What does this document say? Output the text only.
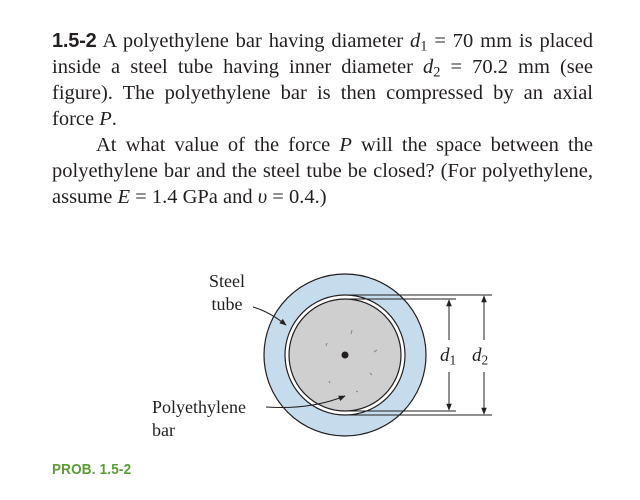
1.5-2 A polyethylene bar having diameter $d_1 = 70$ mm is placed inside a steel tube having inner diameter $d_2 = 70.2$ mm (see figure). The polyethylene bar is then compressed by an axial force P.

At what value of the force P will the space between the polyethylene bar and the steel tube be closed? (For polyethylene, assume E = 1.4 GPa and υ = 0.4.)

Steel
tube
Polyethylene
bar
$d_1$ $d_2$
PROB. 1.5-2
